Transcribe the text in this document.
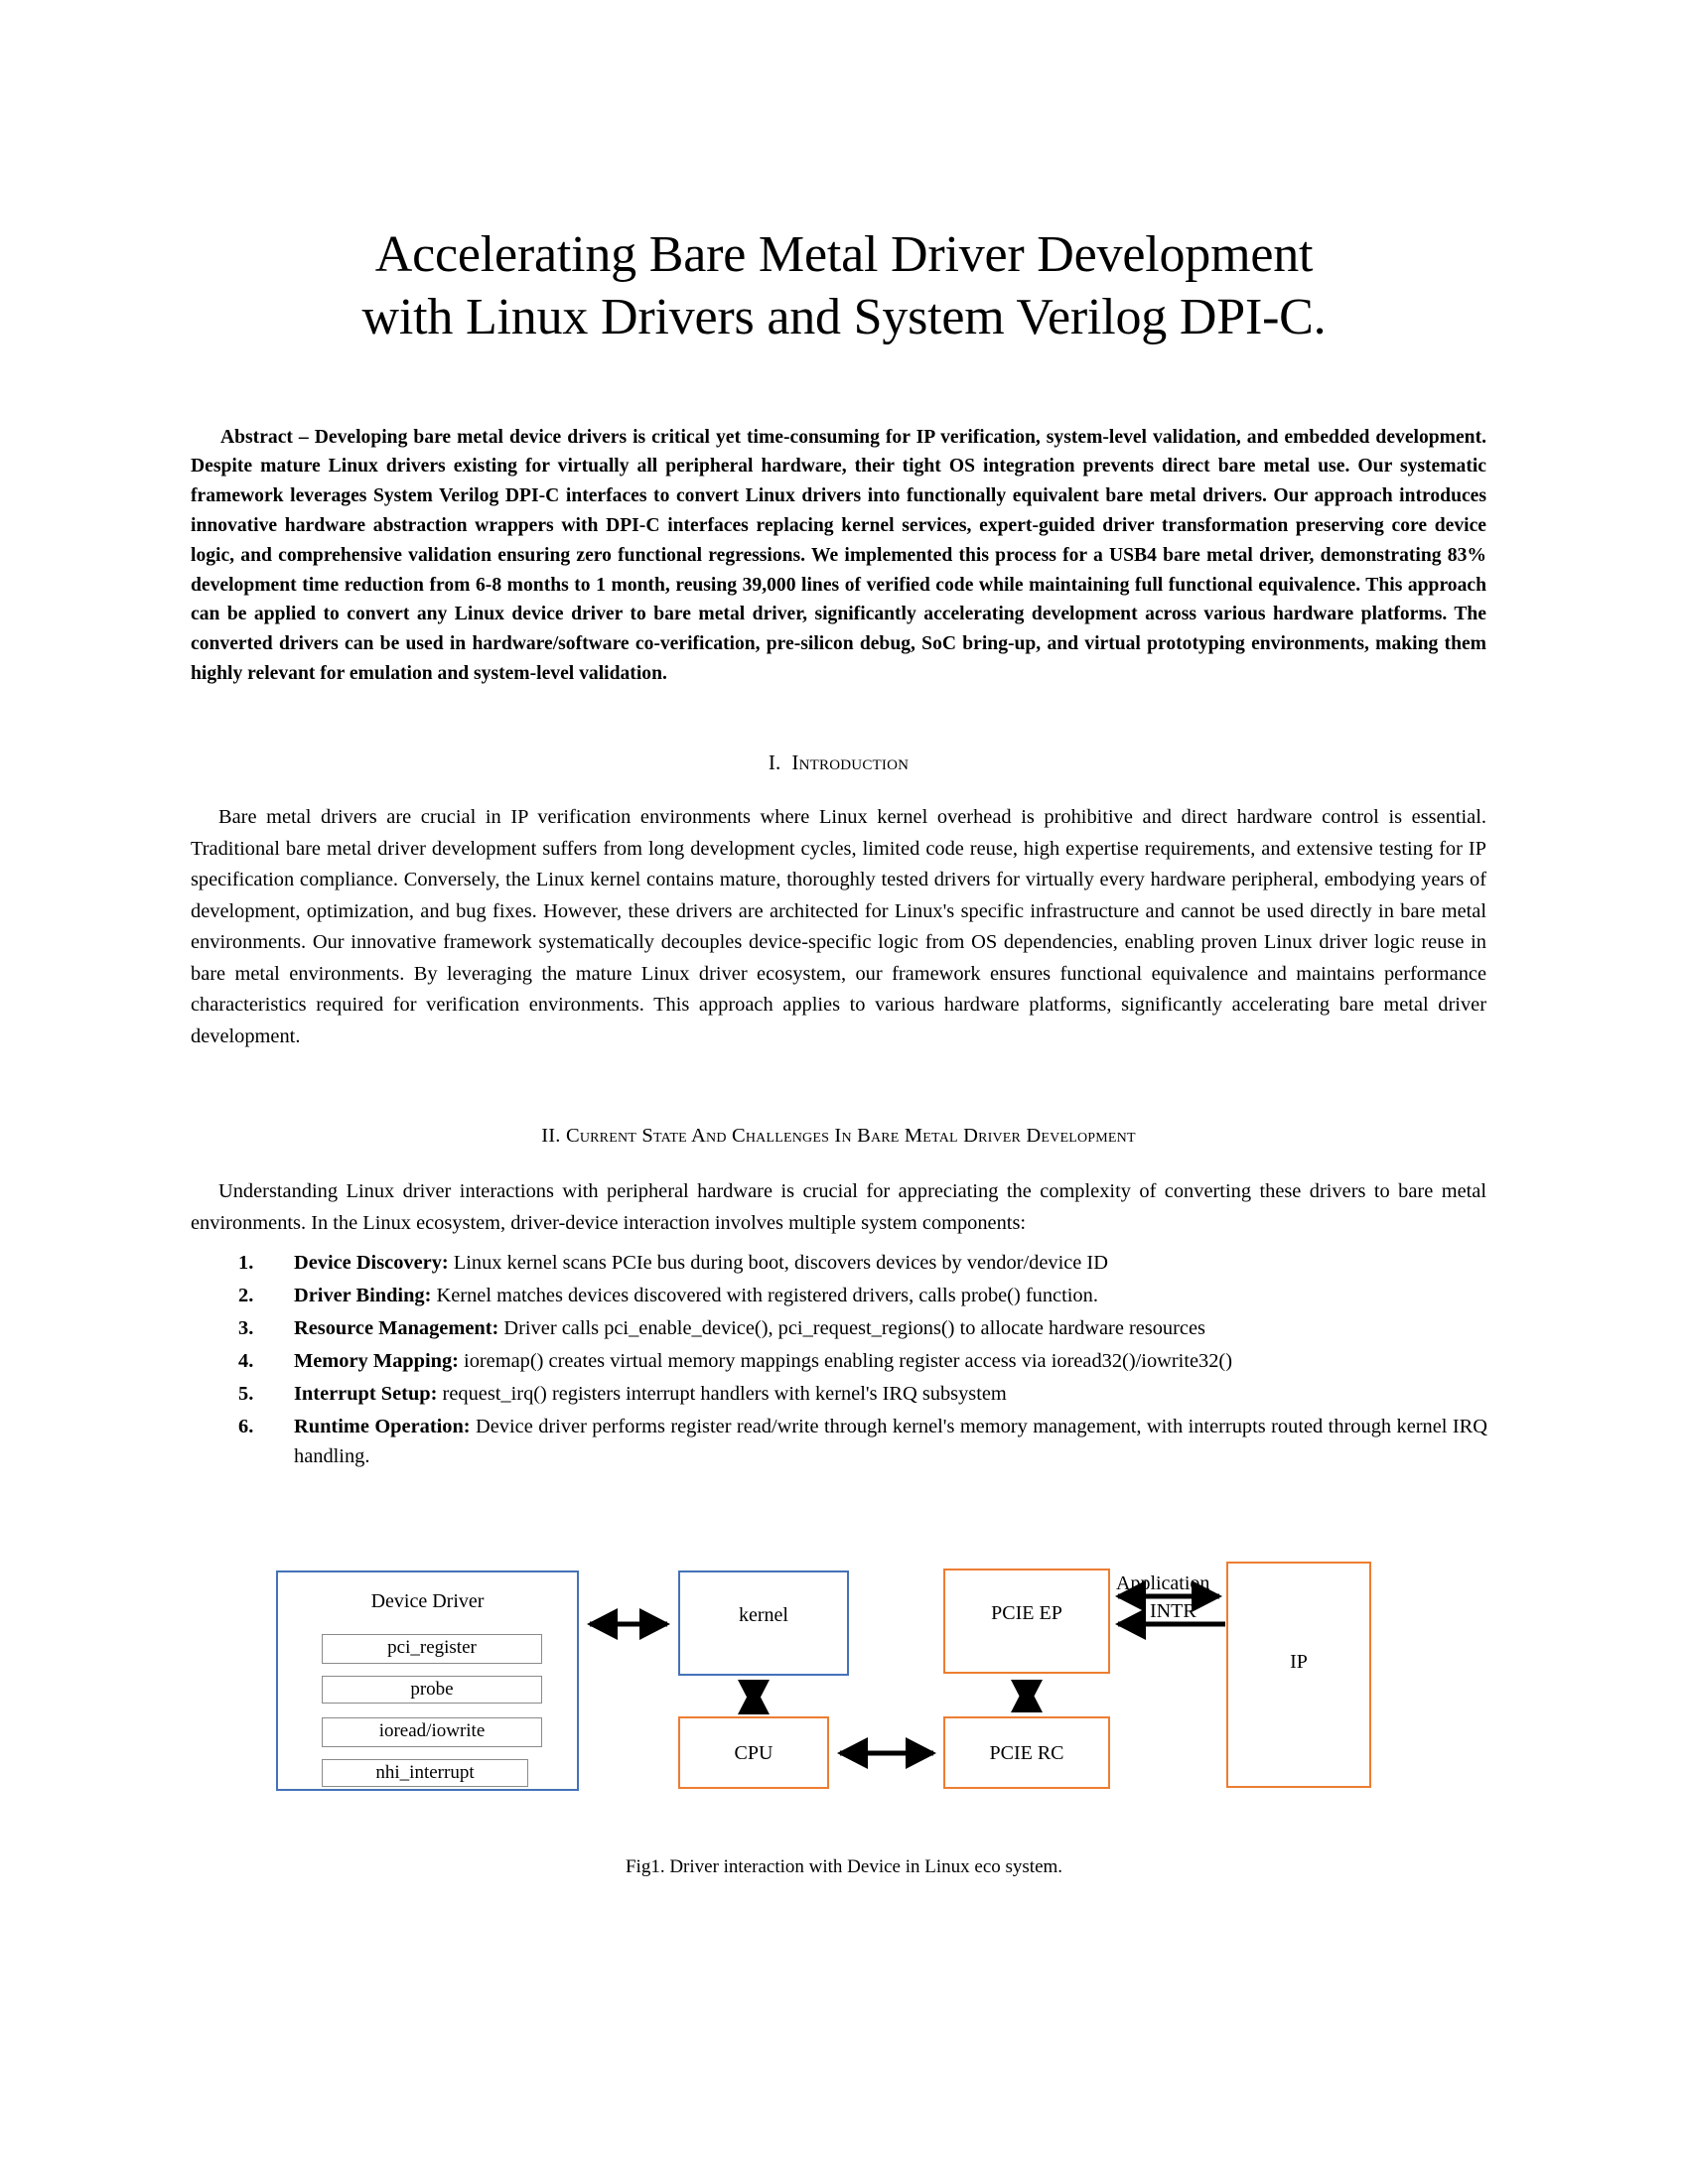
Accelerating Bare Metal Driver Development
with Linux Drivers and System Verilog DPI-C.

Abstract – Developing bare metal device drivers is critical yet time-consuming for IP verification, system-level validation, and embedded development. Despite mature Linux drivers existing for virtually all peripheral hardware, their tight OS integration prevents direct bare metal use. Our systematic framework leverages System Verilog DPI-C interfaces to convert Linux drivers into functionally equivalent bare metal drivers. Our approach introduces innovative hardware abstraction wrappers with DPI-C interfaces replacing kernel services, expert-guided driver transformation preserving core device logic, and comprehensive validation ensuring zero functional regressions. We implemented this process for a USB4 bare metal driver, demonstrating 83% development time reduction from 6-8 months to 1 month, reusing 39,000 lines of verified code while maintaining full functional equivalence. This approach can be applied to convert any Linux device driver to bare metal driver, significantly accelerating development across various hardware platforms. The converted drivers can be used in hardware/software co-verification, pre-silicon debug, SoC bring-up, and virtual prototyping environments, making them highly relevant for emulation and system-level validation.

I. Introduction

Bare metal drivers are crucial in IP verification environments where Linux kernel overhead is prohibitive and direct hardware control is essential. Traditional bare metal driver development suffers from long development cycles, limited code reuse, high expertise requirements, and extensive testing for IP specification compliance. Conversely, the Linux kernel contains mature, thoroughly tested drivers for virtually every hardware peripheral, embodying years of development, optimization, and bug fixes. However, these drivers are architected for Linux's specific infrastructure and cannot be used directly in bare metal environments. Our innovative framework systematically decouples device-specific logic from OS dependencies, enabling proven Linux driver logic reuse in bare metal environments. By leveraging the mature Linux driver ecosystem, our framework ensures functional equivalence and maintains performance characteristics required for verification environments. This approach applies to various hardware platforms, significantly accelerating bare metal driver development.

II. Current State And Challenges In Bare Metal Driver Development

Understanding Linux driver interactions with peripheral hardware is crucial for appreciating the complexity of converting these drivers to bare metal environments. In the Linux ecosystem, driver-device interaction involves multiple system components:

1.	Device Discovery: Linux kernel scans PCIe bus during boot, discovers devices by vendor/device ID
2.	Driver Binding: Kernel matches devices discovered with registered drivers, calls probe() function.
3.	Resource Management: Driver calls pci_enable_device(), pci_request_regions() to allocate hardware resources
4.	Memory Mapping: ioremap() creates virtual memory mappings enabling register access via ioread32()/iowrite32()
5.	Interrupt Setup: request_irq() registers interrupt handlers with kernel's IRQ subsystem
6.	Runtime Operation: Device driver performs register read/write through kernel's memory management, with interrupts routed through kernel IRQ handling.
Device Driver
pci_register
probe
ioread/iowrite
nhi_interrupt
kernel	PCIE EP
IP
CPU	PCIE RC
Application
INTR
Fig1. Driver interaction with Device in Linux eco system.
